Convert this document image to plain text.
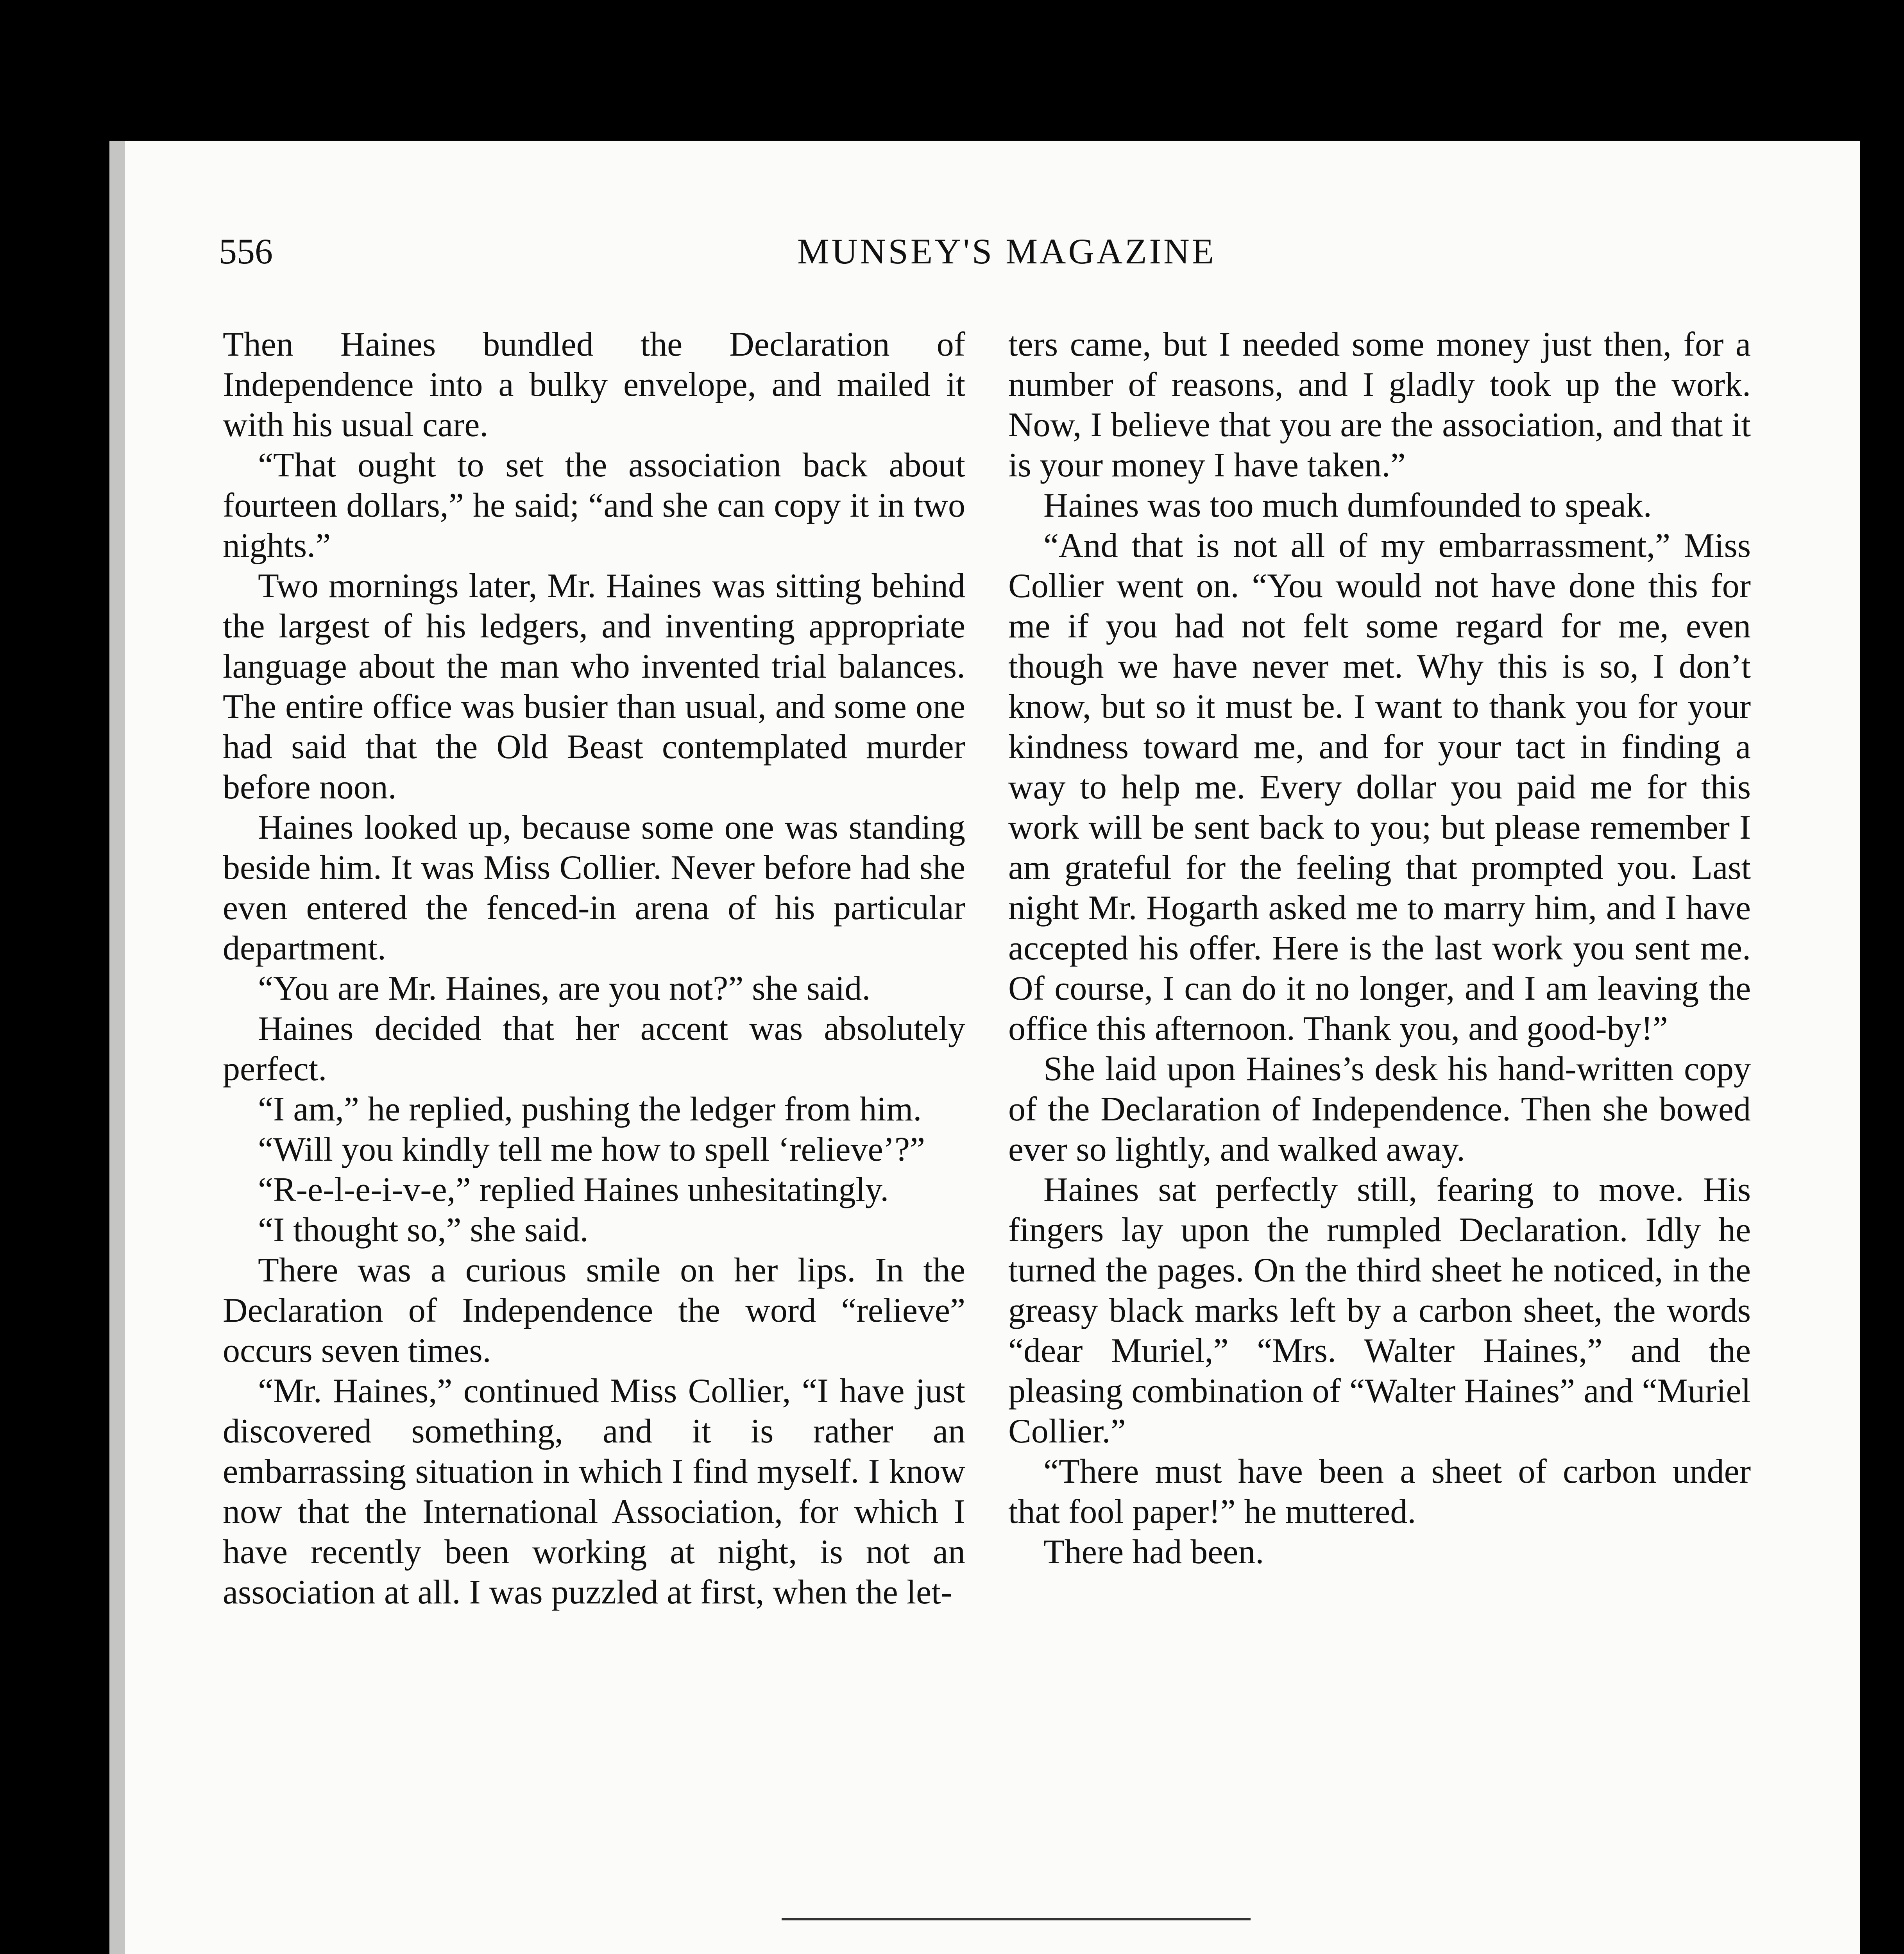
556	MUNSEY'S MAGAZINE

Then Haines bundled the Declaration of Independence into a bulky envelope, and mailed it with his usual care.

“That ought to set the association back about fourteen dollars,” he said; “and she can copy it in two nights.”

Two mornings later, Mr. Haines was sitting behind the largest of his ledgers, and inventing appropriate language about the man who invented trial balances. The entire office was busier than usual, and some one had said that the Old Beast contemplated murder before noon.

Haines looked up, because some one was standing beside him. It was Miss Collier. Never before had she even entered the fenced-in arena of his particular department.

“You are Mr. Haines, are you not?” she said.

Haines decided that her accent was absolutely perfect.

“I am,” he replied, pushing the ledger from him.

“Will you kindly tell me how to spell ‘relieve’?”

“R-e-l-e-i-v-e,” replied Haines unhesitatingly.

“I thought so,” she said.

There was a curious smile on her lips. In the Declaration of Independence the word “relieve” occurs seven times.

“Mr. Haines,” continued Miss Collier, “I have just discovered something, and it is rather an embarrassing situation in which I find myself. I know now that the International Association, for which I have recently been working at night, is not an association at all. I was puzzled at first, when the let-

ters came, but I needed some money just then, for a number of reasons, and I gladly took up the work. Now, I believe that you are the association, and that it is your money I have taken.”

Haines was too much dumfounded to speak.

“And that is not all of my embarrassment,” Miss Collier went on. “You would not have done this for me if you had not felt some regard for me, even though we have never met. Why this is so, I don’t know, but so it must be. I want to thank you for your kindness toward me, and for your tact in finding a way to help me. Every dollar you paid me for this work will be sent back to you; but please remember I am grateful for the feeling that prompted you. Last night Mr. Hogarth asked me to marry him, and I have accepted his offer. Here is the last work you sent me. Of course, I can do it no longer, and I am leaving the office this afternoon. Thank you, and good-by!”

She laid upon Haines’s desk his hand-written copy of the Declaration of Independence. Then she bowed ever so lightly, and walked away.

Haines sat perfectly still, fearing to move. His fingers lay upon the rumpled Declaration. Idly he turned the pages. On the third sheet he noticed, in the greasy black marks left by a carbon sheet, the words “dear Muriel,” “Mrs. Walter Haines,” and the pleasing combination of “Walter Haines” and “Muriel Collier.”

“There must have been a sheet of carbon under that fool paper!” he muttered.

There had been.
